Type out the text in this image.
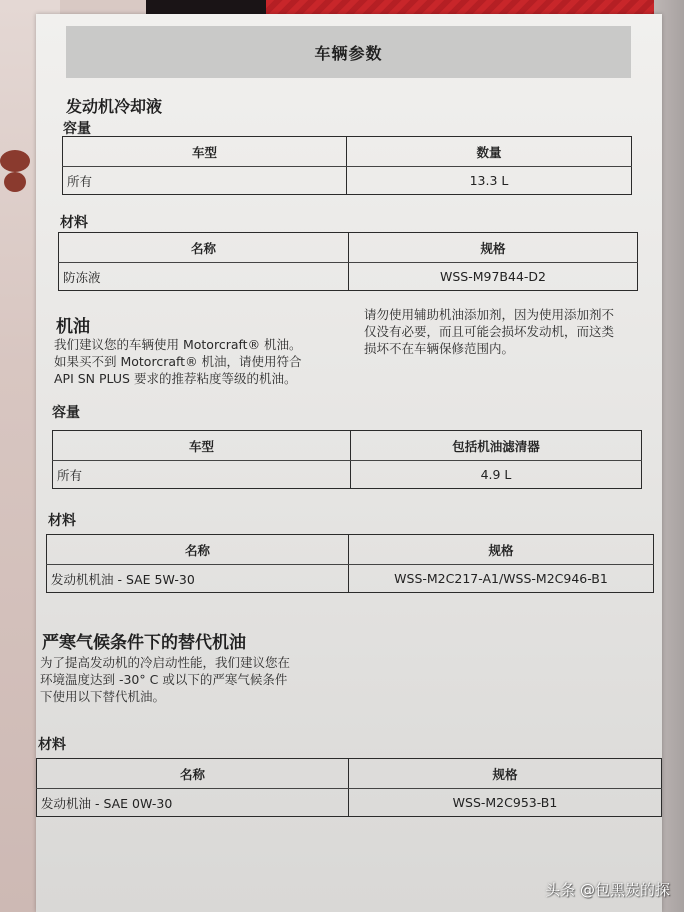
车辆参数
发动机冷却液
容量
车型	数量
所有	13.3 L
材料
名称	规格
防冻液	WSS-M97B44-D2
机油
我们建议您的车辆使用 Motorcraft® 机油。
如果买不到 Motorcraft® 机油，请使用符合
API SN PLUS 要求的推荐粘度等级的机油。
请勿使用辅助机油添加剂，因为使用添加剂不
仅没有必要，而且可能会损坏发动机，而这类
损坏不在车辆保修范围内。
容量
车型	包括机油滤清器
所有	4.9 L
材料
名称	规格
发动机机油 - SAE 5W-30	WSS-M2C217-A1/WSS-M2C946-B1
严寒气候条件下的替代机油
为了提高发动机的冷启动性能，我们建议您在
环境温度达到 -30° C 或以下的严寒气候条件
下使用以下替代机油。
材料
名称	规格
发动机油 - SAE 0W-30	WSS-M2C953-B1
头条 @包黑炭的探
